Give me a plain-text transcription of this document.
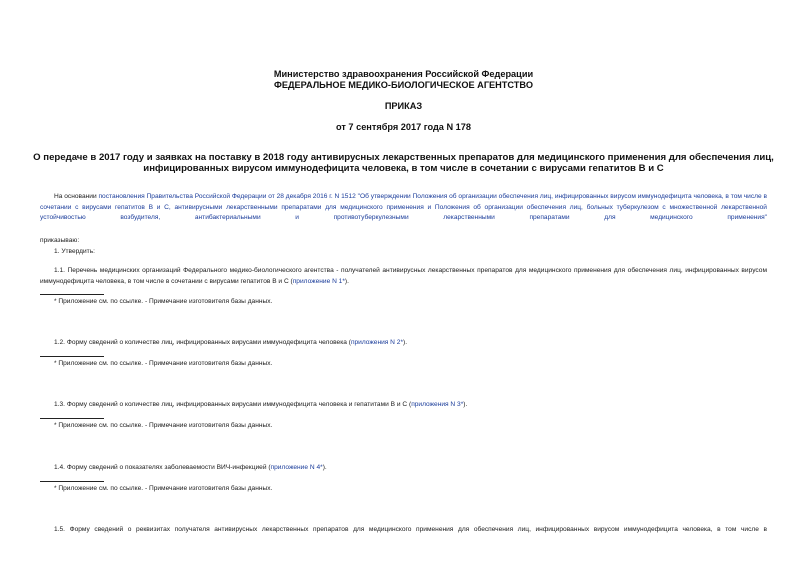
Министерство здравоохранения Российской Федерации
ФЕДЕРАЛЬНОЕ МЕДИКО-БИОЛОГИЧЕСКОЕ АГЕНТСТВО
ПРИКАЗ
от 7 сентября 2017 года N 178
О передаче в 2017 году и заявках на поставку в 2018 году антивирусных лекарственных препаратов для медицинского применения для обеспечения лиц,
инфицированных вирусом иммунодефицита человека, в том числе в сочетании с вирусами гепатитов В и С
На основании постановления Правительства Российской Федерации от 28 декабря 2016 г. N 1512 "Об утверждении Положения об организации обеспечения лиц, инфицированных вирусом иммунодефицита человека, в том числе в сочетании с вирусами гепатитов В и С, антивирусными лекарственными препаратами для медицинского применения и Положения об организации обеспечения лиц, больных туберкулезом с множественной лекарственной устойчивостью возбудителя, антибактериальными и противотуберкулезными лекарственными препаратами для медицинского применения"
приказываю:
1. Утвердить:
1.1. Перечень медицинских организаций Федерального медико-биологического агентства - получателей антивирусных лекарственных препаратов для медицинского применения для обеспечения лиц, инфицированных вирусом иммунодефицита человека, в том числе в сочетании с вирусами гепатитов В и С (приложение N 1*).
* Приложение см. по ссылке. - Примечание изготовителя базы данных.
1.2. Форму сведений о количестве лиц, инфицированных вирусами иммунодефицита человека (приложения N 2*).
* Приложение см. по ссылке. - Примечание изготовителя базы данных.
1.3. Форму сведений о количестве лиц, инфицированных вирусами иммунодефицита человека и гепатитами В и С (приложения N 3*).
* Приложение см. по ссылке. - Примечание изготовителя базы данных.
1.4. Форму сведений о показателях заболеваемости ВИЧ-инфекцией (приложение N 4*).
* Приложение см. по ссылке. - Примечание изготовителя базы данных.
1.5. Форму сведений о реквизитах получателя антивирусных лекарственных препаратов для медицинского применения для обеспечения лиц, инфицированных вирусом иммунодефицита человека, в том числе в
